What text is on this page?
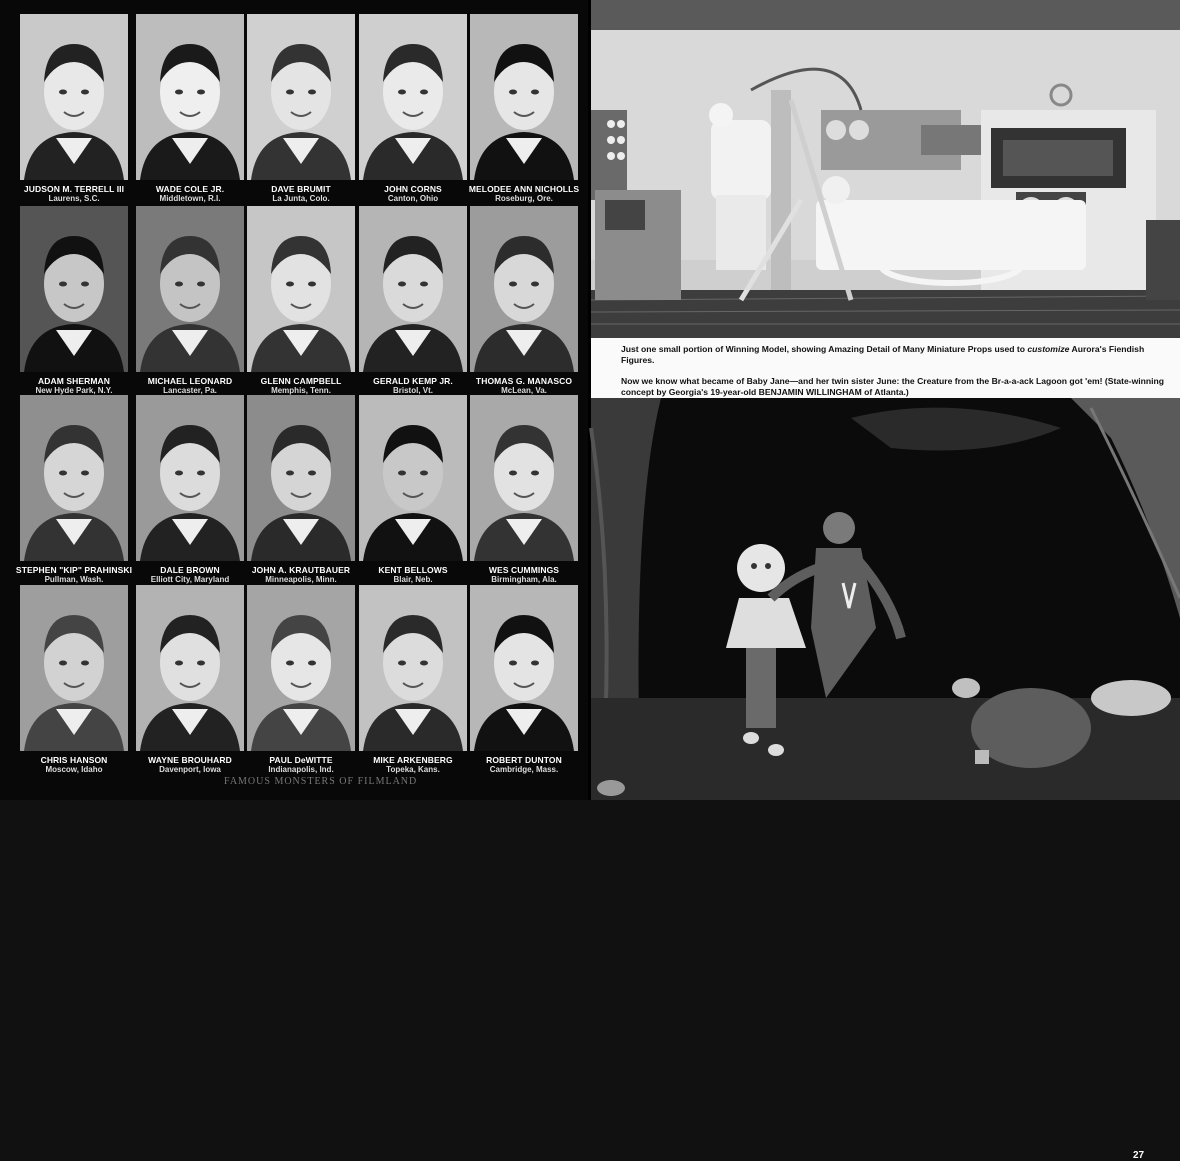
JUDSON M. TERRELL III
Laurens, S.C.
WADE COLE JR.
Middletown, R.I.
DAVE BRUMIT
La Junta, Colo.
JOHN CORNS
Canton, Ohio
MELODEE ANN NICHOLLS
Roseburg, Ore.
ADAM SHERMAN
New Hyde Park, N.Y.
MICHAEL LEONARD
Lancaster, Pa.
GLENN CAMPBELL
Memphis, Tenn.
GERALD KEMP JR.
Bristol, Vt.
THOMAS G. MANASCO
McLean, Va.
STEPHEN "KIP" PRAHINSKI
Pullman, Wash.
DALE BROWN
Elliott City, Maryland
JOHN A. KRAUTBAUER
Minneapolis, Minn.
KENT BELLOWS
Blair, Neb.
WES CUMMINGS
Birmingham, Ala.
CHRIS HANSON
Moscow, Idaho
WAYNE BROUHARD
Davenport, Iowa
PAUL DeWITTE
Indianapolis, Ind.
MIKE ARKENBERG
Topeka, Kans.
ROBERT DUNTON
Cambridge, Mass.
FAMOUS MONSTERS OF FILMLAND

Just one small portion of Winning Model, showing Amazing Detail of Many Miniature Props used to customize Aurora's Fiendish Figures.

Now we know what became of Baby Jane—and her twin sister June: the Creature from the Br-a-a-ack Lagoon got 'em! (State-winning concept by Georgia's 19-year-old BENJAMIN WILLINGHAM of Atlanta.)

27
